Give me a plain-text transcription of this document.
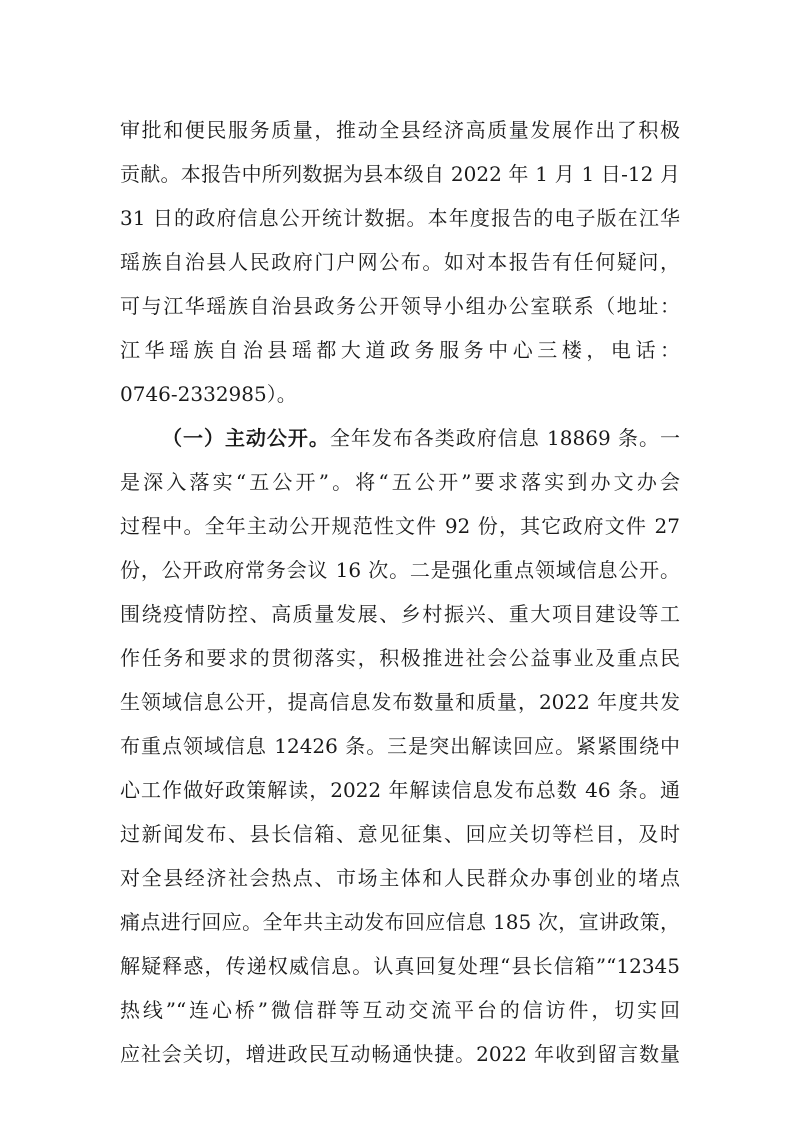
审批和便民服务质量，推动全县经济高质量发展作出了积极
贡献。本报告中所列数据为县本级自 2022 年 1 月 1 日-12 月
31 日的政府信息公开统计数据。本年度报告的电子版在江华
瑶族自治县人民政府门户网公布。如对本报告有任何疑问，
可与江华瑶族自治县政务公开领导小组办公室联系（地址：
江华瑶族自治县瑶都大道政务服务中心三楼，电话：
0746-2332985）。
（一）主动公开。全年发布各类政府信息 18869 条。一
是深入落实“五公开”。将“五公开”要求落实到办文办会
过程中。全年主动公开规范性文件 92 份，其它政府文件 27
份，公开政府常务会议 16 次。二是强化重点领域信息公开。
围绕疫情防控、高质量发展、乡村振兴、重大项目建设等工
作任务和要求的贯彻落实，积极推进社会公益事业及重点民
生领域信息公开，提高信息发布数量和质量，2022 年度共发
布重点领域信息 12426 条。三是突出解读回应。紧紧围绕中
心工作做好政策解读，2022 年解读信息发布总数 46 条。通
过新闻发布、县长信箱、意见征集、回应关切等栏目，及时
对全县经济社会热点、市场主体和人民群众办事创业的堵点
痛点进行回应。全年共主动发布回应信息 185 次，宣讲政策，
解疑释惑，传递权威信息。认真回复处理“县长信箱”“12345
热线”“连心桥”微信群等互动交流平台的信访件，切实回
应社会关切，增进政民互动畅通快捷。2022 年收到留言数量
